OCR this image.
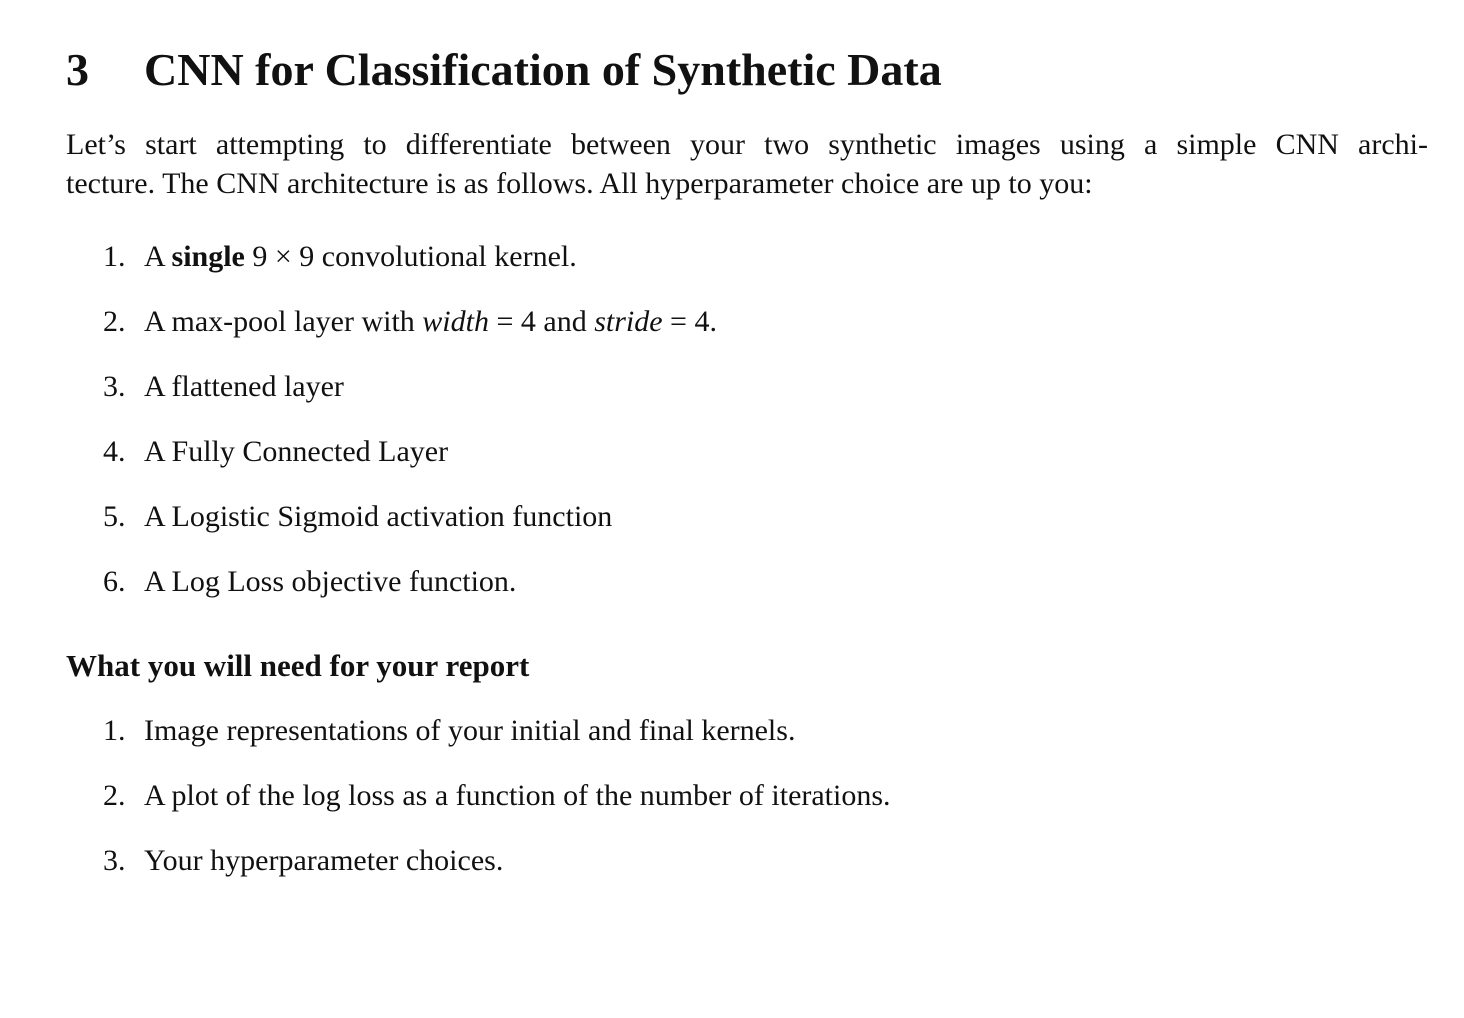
3 CNN for Classification of Synthetic Data

Let’s start attempting to differentiate between your two synthetic images using a simple CNN archi-
tecture. The CNN architecture is as follows. All hyperparameter choice are up to you:

1. A single 9 × 9 convolutional kernel.
2. A max-pool layer with width = 4 and stride = 4.
3. A flattened layer
4. A Fully Connected Layer
5. A Logistic Sigmoid activation function
6. A Log Loss objective function.
What you will need for your report
1. Image representations of your initial and final kernels.
2. A plot of the log loss as a function of the number of iterations.
3. Your hyperparameter choices.
